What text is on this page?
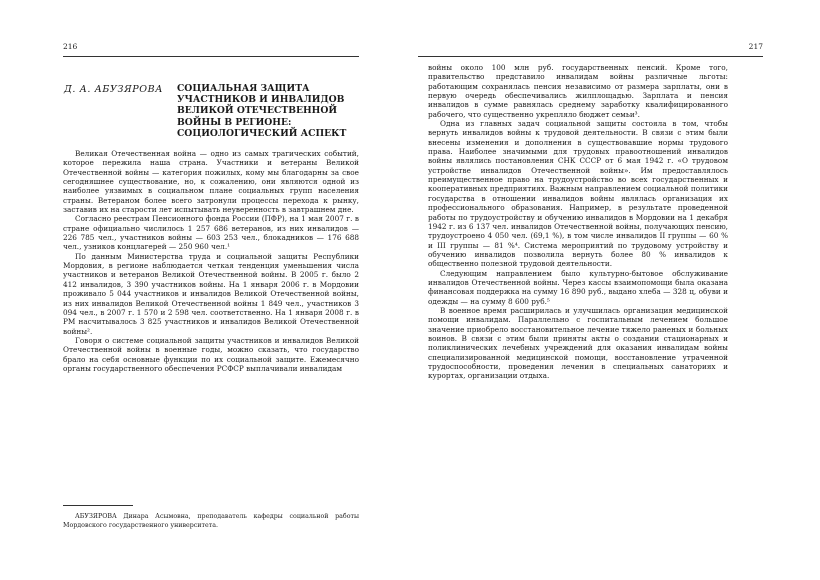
216
Д. А. АБУЗЯРОВА СОЦИАЛЬНАЯ ЗАЩИТА УЧАСТНИКОВ И ИНВАЛИДОВ ВЕЛИКОЙ ОТЕЧЕСТВЕННОЙ ВОЙНЫ В РЕГИОНЕ: СОЦИОЛОГИЧЕСКИЙ АСПЕКТ

Великая Отечественная война — одно из самых трагических событий, которое пережила наша страна. Участники и ветераны Великой Отечественной войны — категория пожилых, кому мы благодарны за свое сегодняшнее существование, но, к сожалению, они являются одной из наиболее уязвимых в социальном плане социальных групп населения страны. Ветераном более всего затронули процессы перехода к рынку, заставив их на старости лет испытывать неуверенность в завтрашнем дне.

Согласно реестрам Пенсионного фонда России (ПФР), на 1 мая 2007 г. в стране официально числилось 1 257 686 ветеранов, из них инвалидов — 226 785 чел., участников войны — 603 253 чел., блокадников — 176 688 чел., узников концлагерей — 250 960 чел.¹

По данным Министерства труда и социальной защиты Республики Мордовия, в регионе наблюдается четкая тенденция уменьшения числа участников и ветеранов Великой Отечественной войны. В 2005 г. было 2 412 инвалидов, 3 390 участников войны. На 1 января 2006 г. в Мордовии проживало 5 044 участников и инвалидов Великой Отечественной войны, из них инвалидов Великой Отечественной войны 1 849 чел., участников 3 094 чел., в 2007 г. 1 570 и 2 598 чел. соответственно. На 1 января 2008 г. в РМ насчитывалось 3 825 участников и инвалидов Великой Отечественной войны².

Говоря о системе социальной защиты участников и инвалидов Великой Отечественной войны в военные годы, можно сказать, что государство брало на себя основные функции по их социальной защите. Ежемесячно органы государственного обеспечения РСФСР выплачивали инвалидам

АБУЗЯРОВА Динара Асымовна, преподаватель кафедры социальной работы Мордовского государственного университета.

217

войны около 100 млн руб. государственных пенсий. Кроме того, правительство представило инвалидам войны различные льготы: работающим сохранялась пенсия независимо от размера зарплаты, они в первую очередь обеспечивались жилплощадью. Зарплата и пенсия инвалидов в сумме равнялась среднему заработку квалифицированного рабочего, что существенно укрепляло бюджет семьи³.

Одна из главных задач социальной защиты состояла в том, чтобы вернуть инвалидов войны к трудовой деятельности. В связи с этим были внесены изменения и дополнения в существовавшие нормы трудового права. Наиболее значимыми для трудовых правоотношений инвалидов войны являлись постановления СНК СССР от 6 мая 1942 г. «О трудовом устройстве инвалидов Отечественной войны». Им предоставлялось преимущественное право на трудоустройство во всех государственных и кооперативных предприятиях. Важным направлением социальной политики государства в отношении инвалидов войны являлась организация их профессионального образования. Например, в результате проведенной работы по трудоустройству и обучению инвалидов в Мордовии на 1 декабря 1942 г. из 6 137 чел. инвалидов Отечественной войны, получающих пенсию, трудоустроено 4 050 чел. (69,1 %), в том числе инвалидов II группы — 60 % и III группы — 81 %⁴. Система мероприятий по трудовому устройству и обучению инвалидов позволила вернуть более 80 % инвалидов к общественно полезной трудовой деятельности.

Следующим направлением было культурно-бытовое обслуживание инвалидов Отечественной войны. Через кассы взаимопомощи была оказана финансовая поддержка на сумму 16 890 руб., выдано хлеба — 328 ц, обуви и одежды — на сумму 8 600 руб.⁵

В военное время расширилась и улучшилась организация медицинской помощи инвалидам. Параллельно с госпитальным лечением большое значение приобрело восстановительное лечение тяжело раненых и больных воинов. В связи с этим были приняты акты о создании стационарных и поликлинических лечебных учреждений для оказания инвалидам войны специализированной медицинской помощи, восстановление утраченной трудоспособности, проведения лечения в специальных санаториях и курортах, организации отдыха.
